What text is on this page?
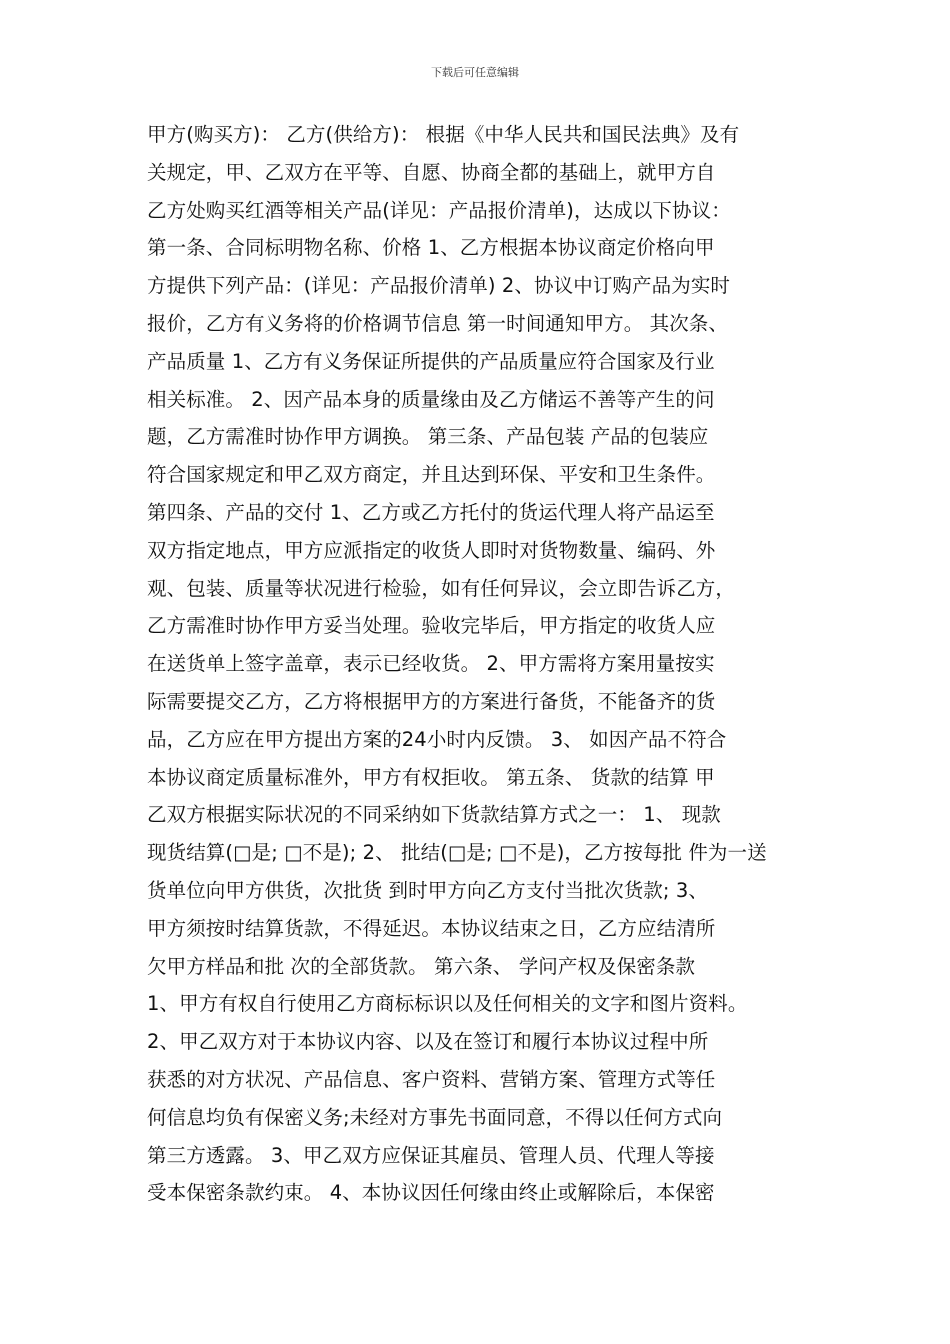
下载后可任意编辑
甲方(购买方)： 乙方(供给方)： 根据《中华人民共和国民法典》及有
关规定，甲、乙双方在平等、自愿、协商全都的基础上，就甲方自
乙方处购买红酒等相关产品(详见：产品报价清单)，达成以下协议：
第一条、合同标明物名称、价格 1、乙方根据本协议商定价格向甲
方提供下列产品：(详见：产品报价清单) 2、协议中订购产品为实时
报价，乙方有义务将的价格调节信息 第一时间通知甲方。 其次条、
产品质量 1、乙方有义务保证所提供的产品质量应符合国家及行业
相关标准。 2、因产品本身的质量缘由及乙方储运不善等产生的问
题，乙方需准时协作甲方调换。 第三条、产品包装 产品的包装应
符合国家规定和甲乙双方商定，并且达到环保、平安和卫生条件。
第四条、产品的交付 1、乙方或乙方托付的货运代理人将产品运至
双方指定地点，甲方应派指定的收货人即时对货物数量、编码、外
观、包装、质量等状况进行检验，如有任何异议，会立即告诉乙方，
乙方需准时协作甲方妥当处理。验收完毕后，甲方指定的收货人应
在送货单上签字盖章，表示已经收货。 2、甲方需将方案用量按实
际需要提交乙方，乙方将根据甲方的方案进行备货，不能备齐的货
品，乙方应在甲方提出方案的24小时内反馈。 3、 如因产品不符合
本协议商定质量标准外，甲方有权拒收。 第五条、 货款的结算 甲
乙双方根据实际状况的不同采纳如下货款结算方式之一： 1、 现款
现货结算(□是; □不是); 2、 批结(□是; □不是)，乙方按每批 件为一送
货单位向甲方供货，次批货 到时甲方向乙方支付当批次货款; 3、
甲方须按时结算货款，不得延迟。本协议结束之日，乙方应结清所
欠甲方样品和批 次的全部货款。 第六条、 学问产权及保密条款
1、甲方有权自行使用乙方商标标识以及任何相关的文字和图片资料。
2、甲乙双方对于本协议内容、以及在签订和履行本协议过程中所
获悉的对方状况、产品信息、客户资料、营销方案、管理方式等任
何信息均负有保密义务;未经对方事先书面同意，不得以任何方式向
第三方透露。 3、甲乙双方应保证其雇员、管理人员、代理人等接
受本保密条款约束。 4、本协议因任何缘由终止或解除后，本保密
